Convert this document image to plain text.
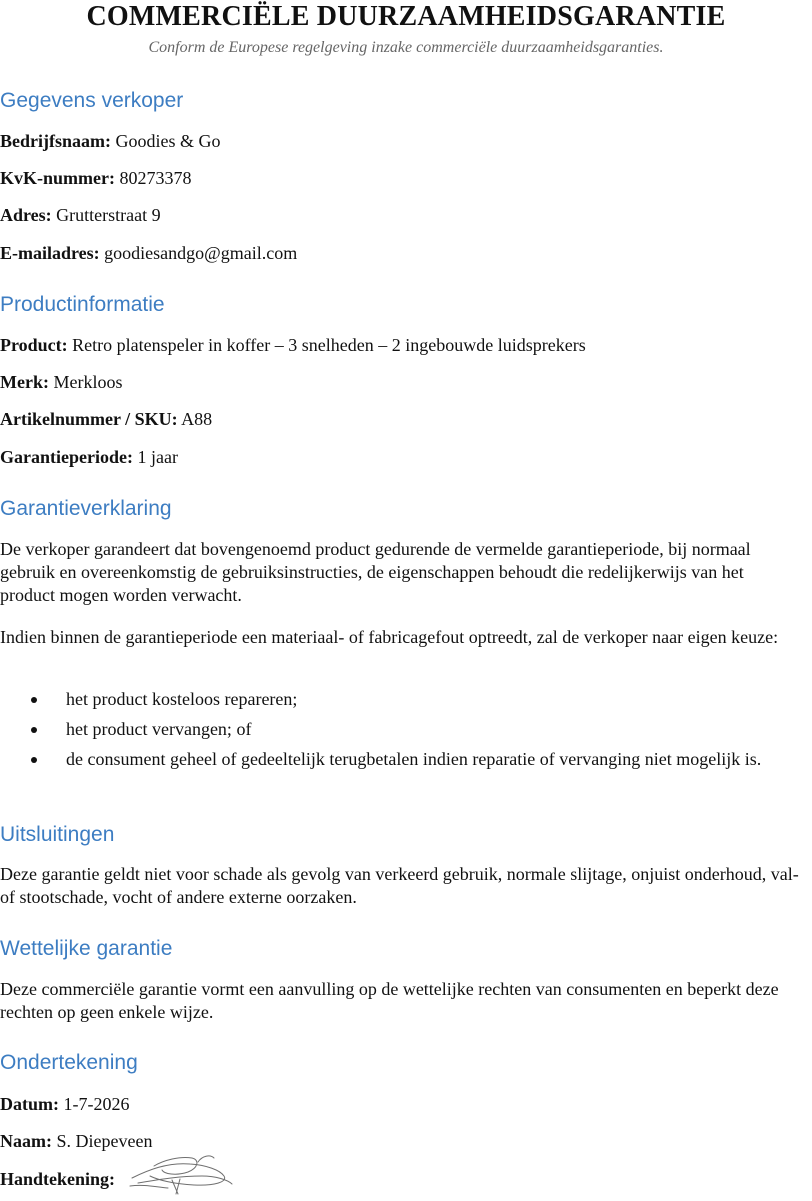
COMMERCIËLE DUURZAAMHEIDSGARANTIE
Conform de Europese regelgeving inzake commerciële duurzaamheidsgaranties.
Gegevens verkoper
Bedrijfsnaam: Goodies & Go
KvK-nummer: 80273378
Adres: Grutterstraat 9
E-mailadres: goodiesandgo@gmail.com
Productinformatie
Product: Retro platenspeler in koffer – 3 snelheden – 2 ingebouwde luidsprekers
Merk: Merkloos
Artikelnummer / SKU: A88
Garantieperiode: 1 jaar
Garantieverklaring

De verkoper garandeert dat bovengenoemd product gedurende de vermelde garantieperiode, bij normaal gebruik en overeenkomstig de gebruiksinstructies, de eigenschappen behoudt die redelijkerwijs van het product mogen worden verwacht.

Indien binnen de garantieperiode een materiaal- of fabricagefout optreedt, zal de verkoper naar eigen keuze:

het product kosteloos repareren;
het product vervangen; of
de consument geheel of gedeeltelijk terugbetalen indien reparatie of vervanging niet mogelijk is.
Uitsluitingen

Deze garantie geldt niet voor schade als gevolg van verkeerd gebruik, normale slijtage, onjuist onderhoud, val- of stootschade, vocht of andere externe oorzaken.

Wettelijke garantie

Deze commerciële garantie vormt een aanvulling op de wettelijke rechten van consumenten en beperkt deze rechten op geen enkele wijze.

Ondertekening
Datum: 1-7-2026
Naam: S. Diepeveen
Handtekening:
